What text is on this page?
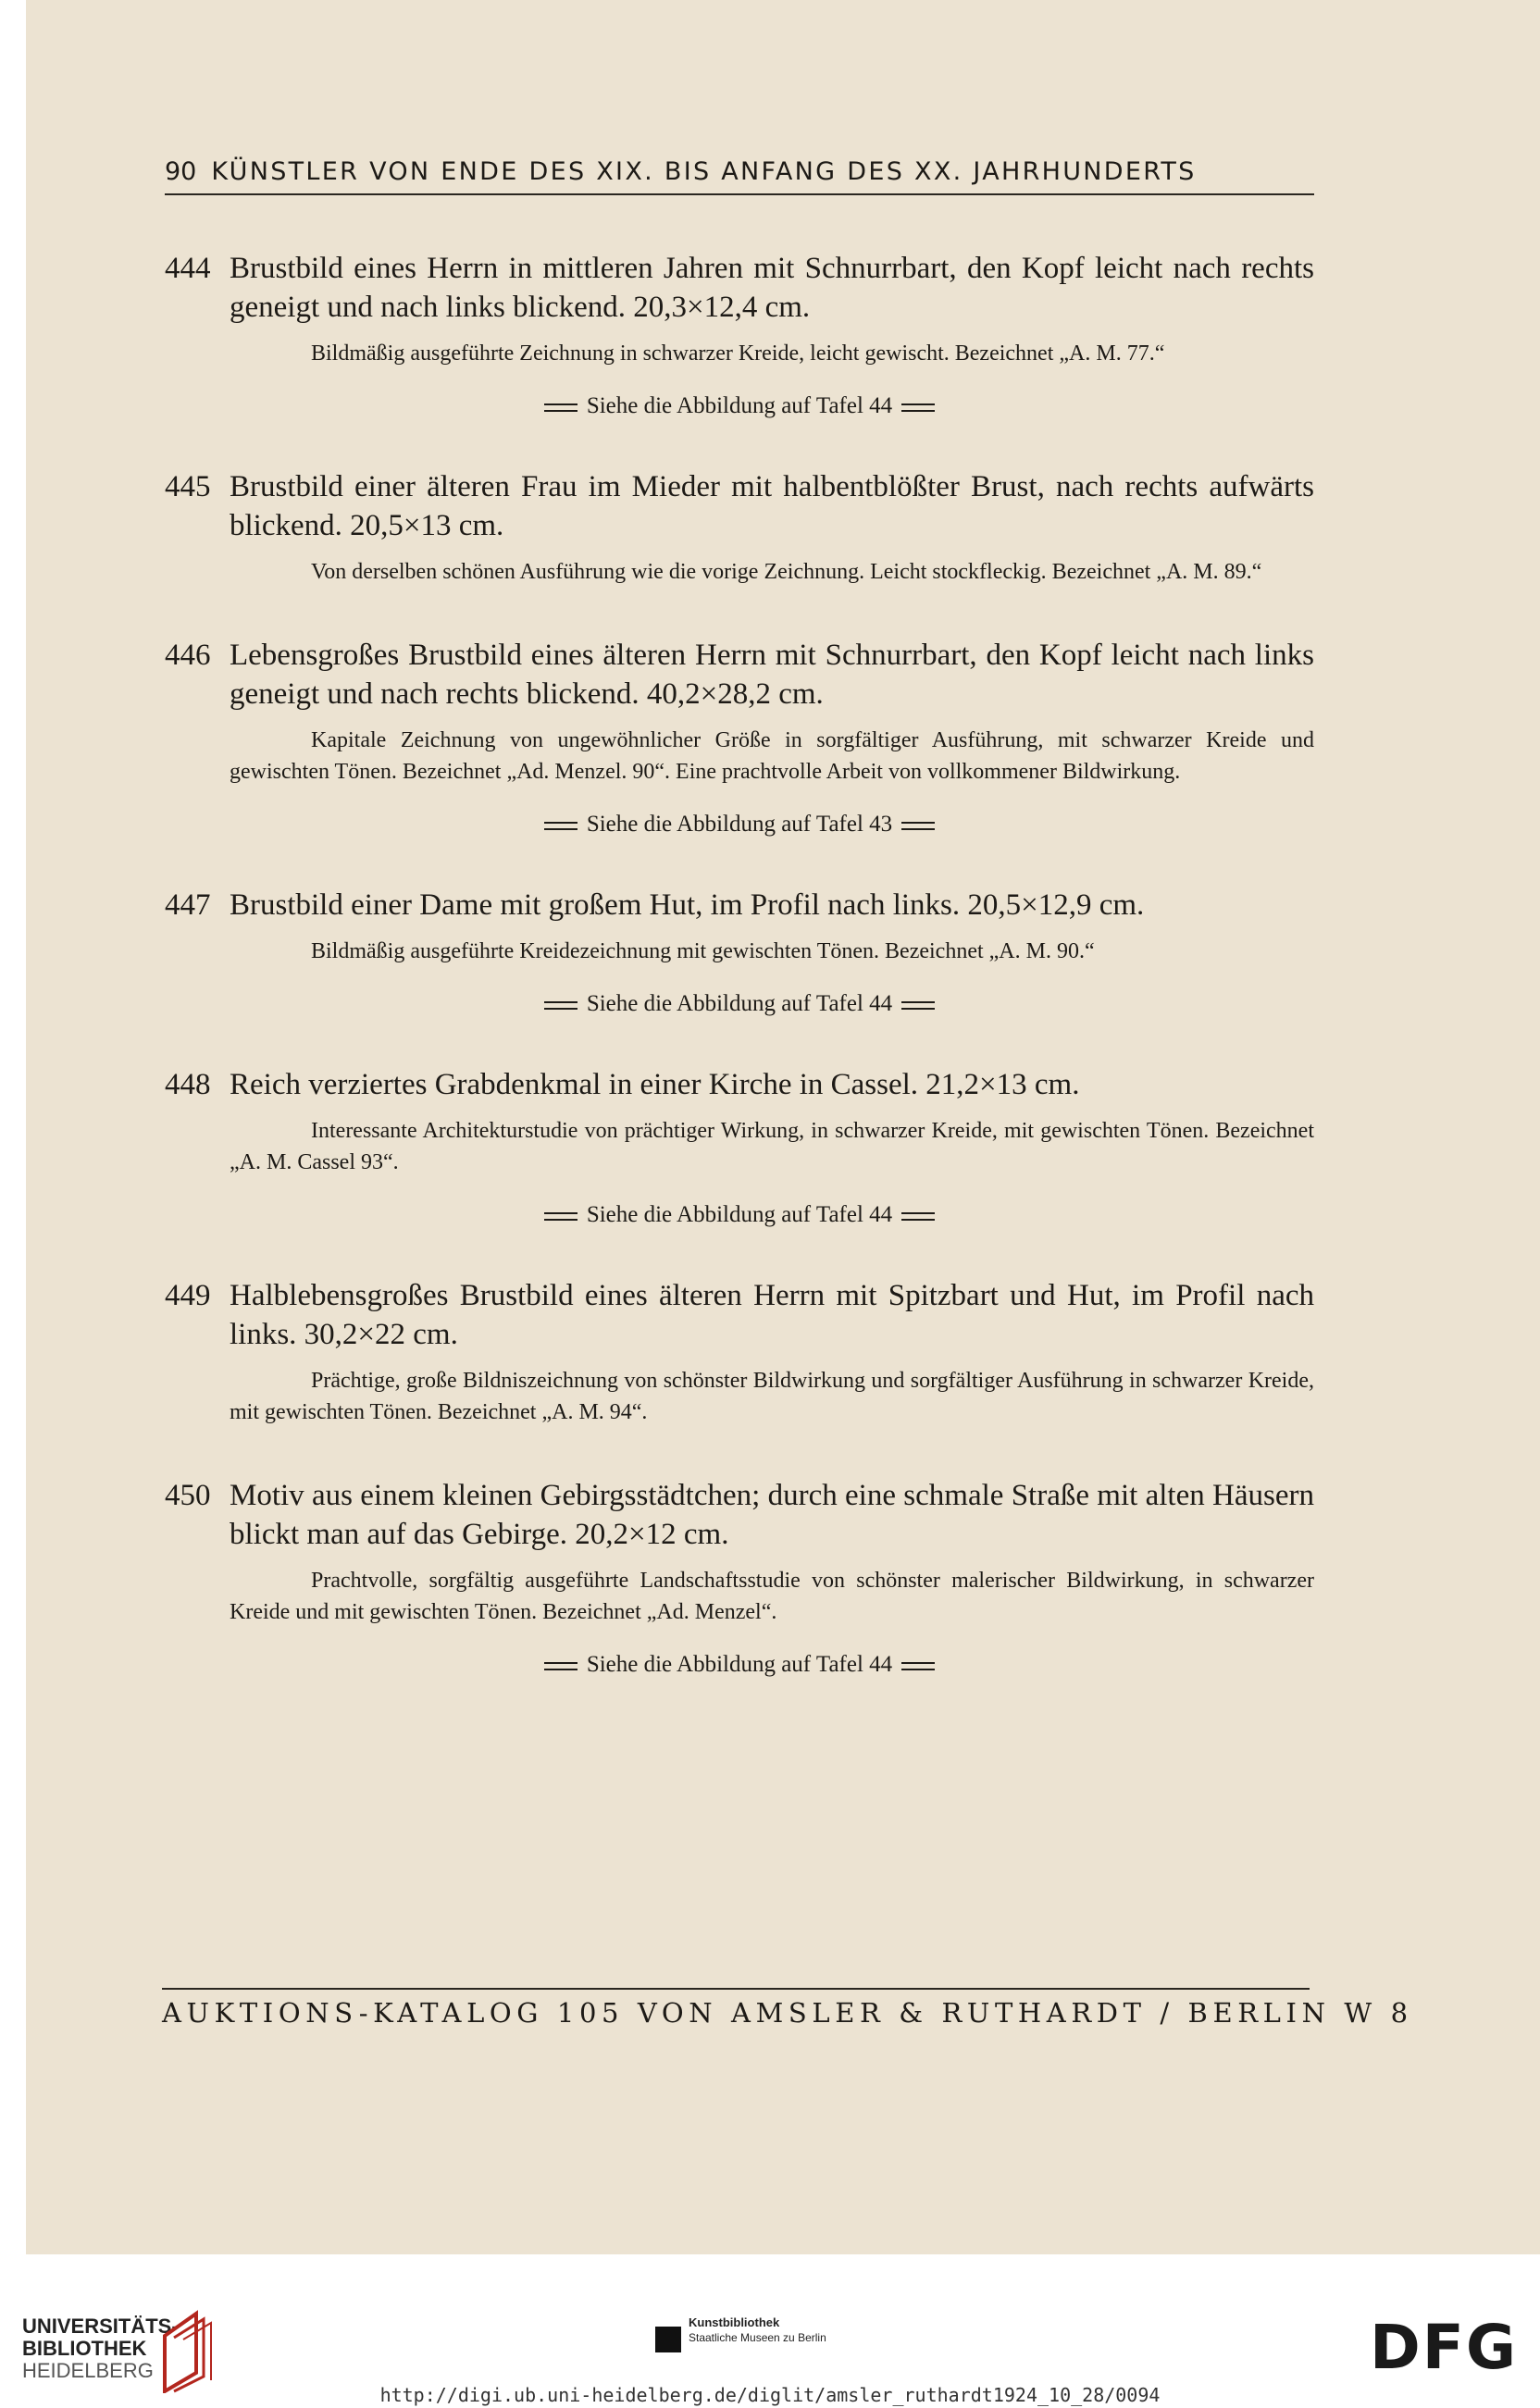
90 KÜNSTLER VON ENDE DES XIX. BIS ANFANG DES XX. JAHRHUNDERTS
444 Brustbild eines Herrn in mittleren Jahren mit Schnurrbart, den Kopf leicht nach rechts geneigt und nach links blickend. 20,3×12,4 cm.
Bildmäßig ausgeführte Zeichnung in schwarzer Kreide, leicht gewischt. Bezeichnet „A. M. 77.“
Siehe die Abbildung auf Tafel 44
445 Brustbild einer älteren Frau im Mieder mit halbentblößter Brust, nach rechts aufwärts blickend. 20,5×13 cm.
Von derselben schönen Ausführung wie die vorige Zeichnung. Leicht stockfleckig. Bezeichnet „A. M. 89.“
446 Lebensgroßes Brustbild eines älteren Herrn mit Schnurrbart, den Kopf leicht nach links geneigt und nach rechts blickend. 40,2×28,2 cm.
Kapitale Zeichnung von ungewöhnlicher Größe in sorgfältiger Ausführung, mit schwarzer Kreide und gewischten Tönen. Bezeichnet „Ad. Menzel. 90“. Eine prachtvolle Arbeit von vollkommener Bildwirkung.
Siehe die Abbildung auf Tafel 43
447 Brustbild einer Dame mit großem Hut, im Profil nach links. 20,5×12,9 cm.
Bildmäßig ausgeführte Kreidezeichnung mit gewischten Tönen. Bezeichnet „A. M. 90.“
Siehe die Abbildung auf Tafel 44
448 Reich verziertes Grabdenkmal in einer Kirche in Cassel. 21,2×13 cm.
Interessante Architekturstudie von prächtiger Wirkung, in schwarzer Kreide, mit gewischten Tönen. Bezeichnet „A. M. Cassel 93“.
Siehe die Abbildung auf Tafel 44
449 Halblebensgroßes Brustbild eines älteren Herrn mit Spitzbart und Hut, im Profil nach links. 30,2×22 cm.
Prächtige, große Bildniszeichnung von schönster Bildwirkung und sorgfältiger Ausführung in schwarzer Kreide, mit gewischten Tönen. Bezeichnet „A. M. 94“.
450 Motiv aus einem kleinen Gebirgsstädtchen; durch eine schmale Straße mit alten Häusern blickt man auf das Gebirge. 20,2×12 cm.
Prachtvolle, sorgfältig ausgeführte Landschaftsstudie von schönster malerischer Bildwirkung, in schwarzer Kreide und mit gewischten Tönen. Bezeichnet „Ad. Menzel“.
Siehe die Abbildung auf Tafel 44
AUKTIONS-KATALOG 105 VON AMSLER & RUTHARDT / BERLIN W 8
UNIVERSITÄTS-
BIBLIOTHEK
HEIDELBERG
Kunstbibliothek
Staatliche Museen zu Berlin	DFG
http://digi.ub.uni-heidelberg.de/diglit/amsler_ruthardt1924_10_28/0094
